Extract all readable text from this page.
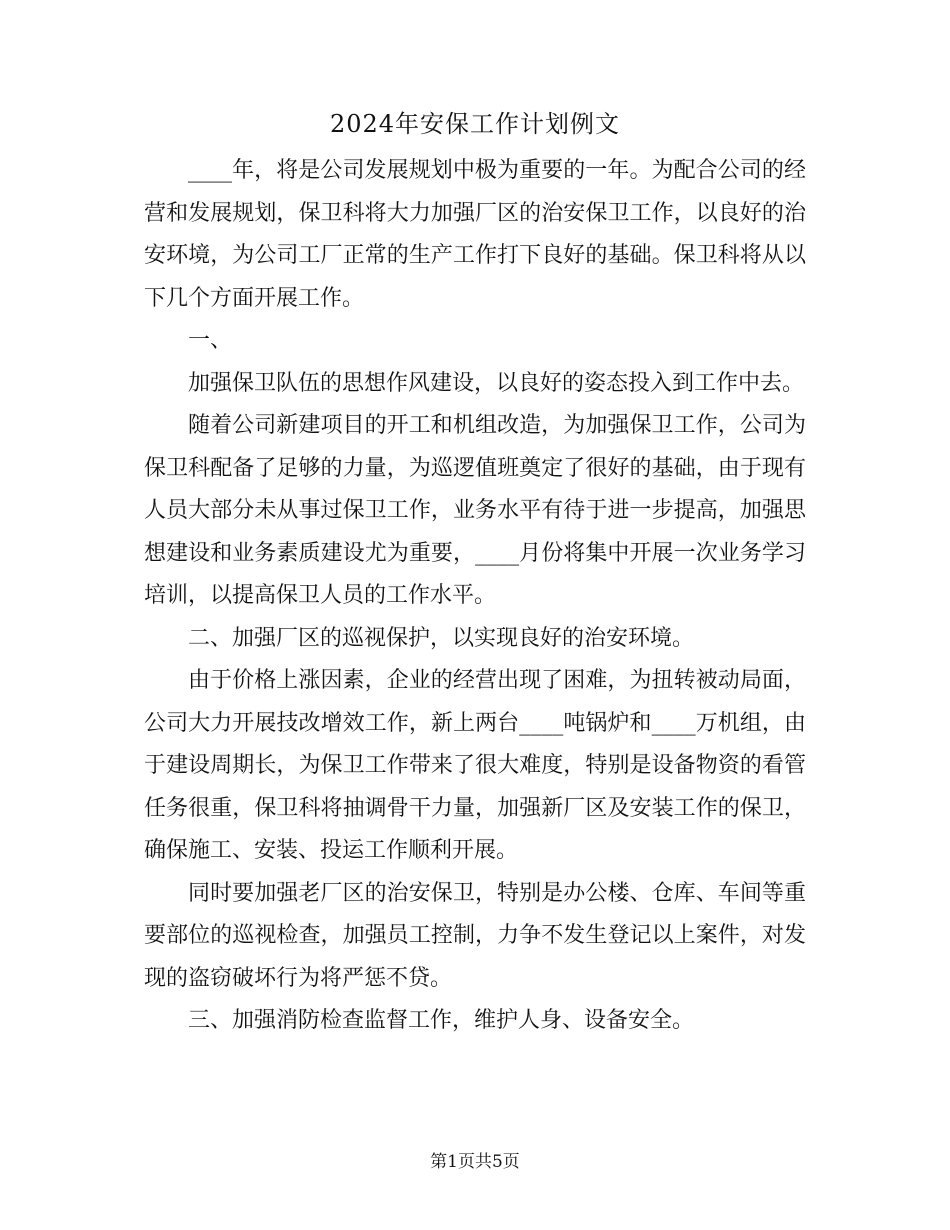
2024年安保工作计划例文

____年，将是公司发展规划中极为重要的一年。为配合公司的经营和发展规划，保卫科将大力加强厂区的治安保卫工作，以良好的治安环境，为公司工厂正常的生产工作打下良好的基础。保卫科将从以下几个方面开展工作。

一、

加强保卫队伍的思想作风建设，以良好的姿态投入到工作中去。

随着公司新建项目的开工和机组改造，为加强保卫工作，公司为保卫科配备了足够的力量，为巡逻值班奠定了很好的基础，由于现有人员大部分未从事过保卫工作，业务水平有待于进一步提高，加强思想建设和业务素质建设尤为重要，____月份将集中开展一次业务学习培训，以提高保卫人员的工作水平。

二、加强厂区的巡视保护，以实现良好的治安环境。

由于价格上涨因素，企业的经营出现了困难，为扭转被动局面，公司大力开展技改增效工作，新上两台____吨锅炉和____万机组，由于建设周期长，为保卫工作带来了很大难度，特别是设备物资的看管任务很重，保卫科将抽调骨干力量，加强新厂区及安装工作的保卫，确保施工、安装、投运工作顺利开展。

同时要加强老厂区的治安保卫，特别是办公楼、仓库、车间等重要部位的巡视检查，加强员工控制，力争不发生登记以上案件，对发现的盗窃破坏行为将严惩不贷。

三、加强消防检查监督工作，维护人身、设备安全。

第1页共5页
